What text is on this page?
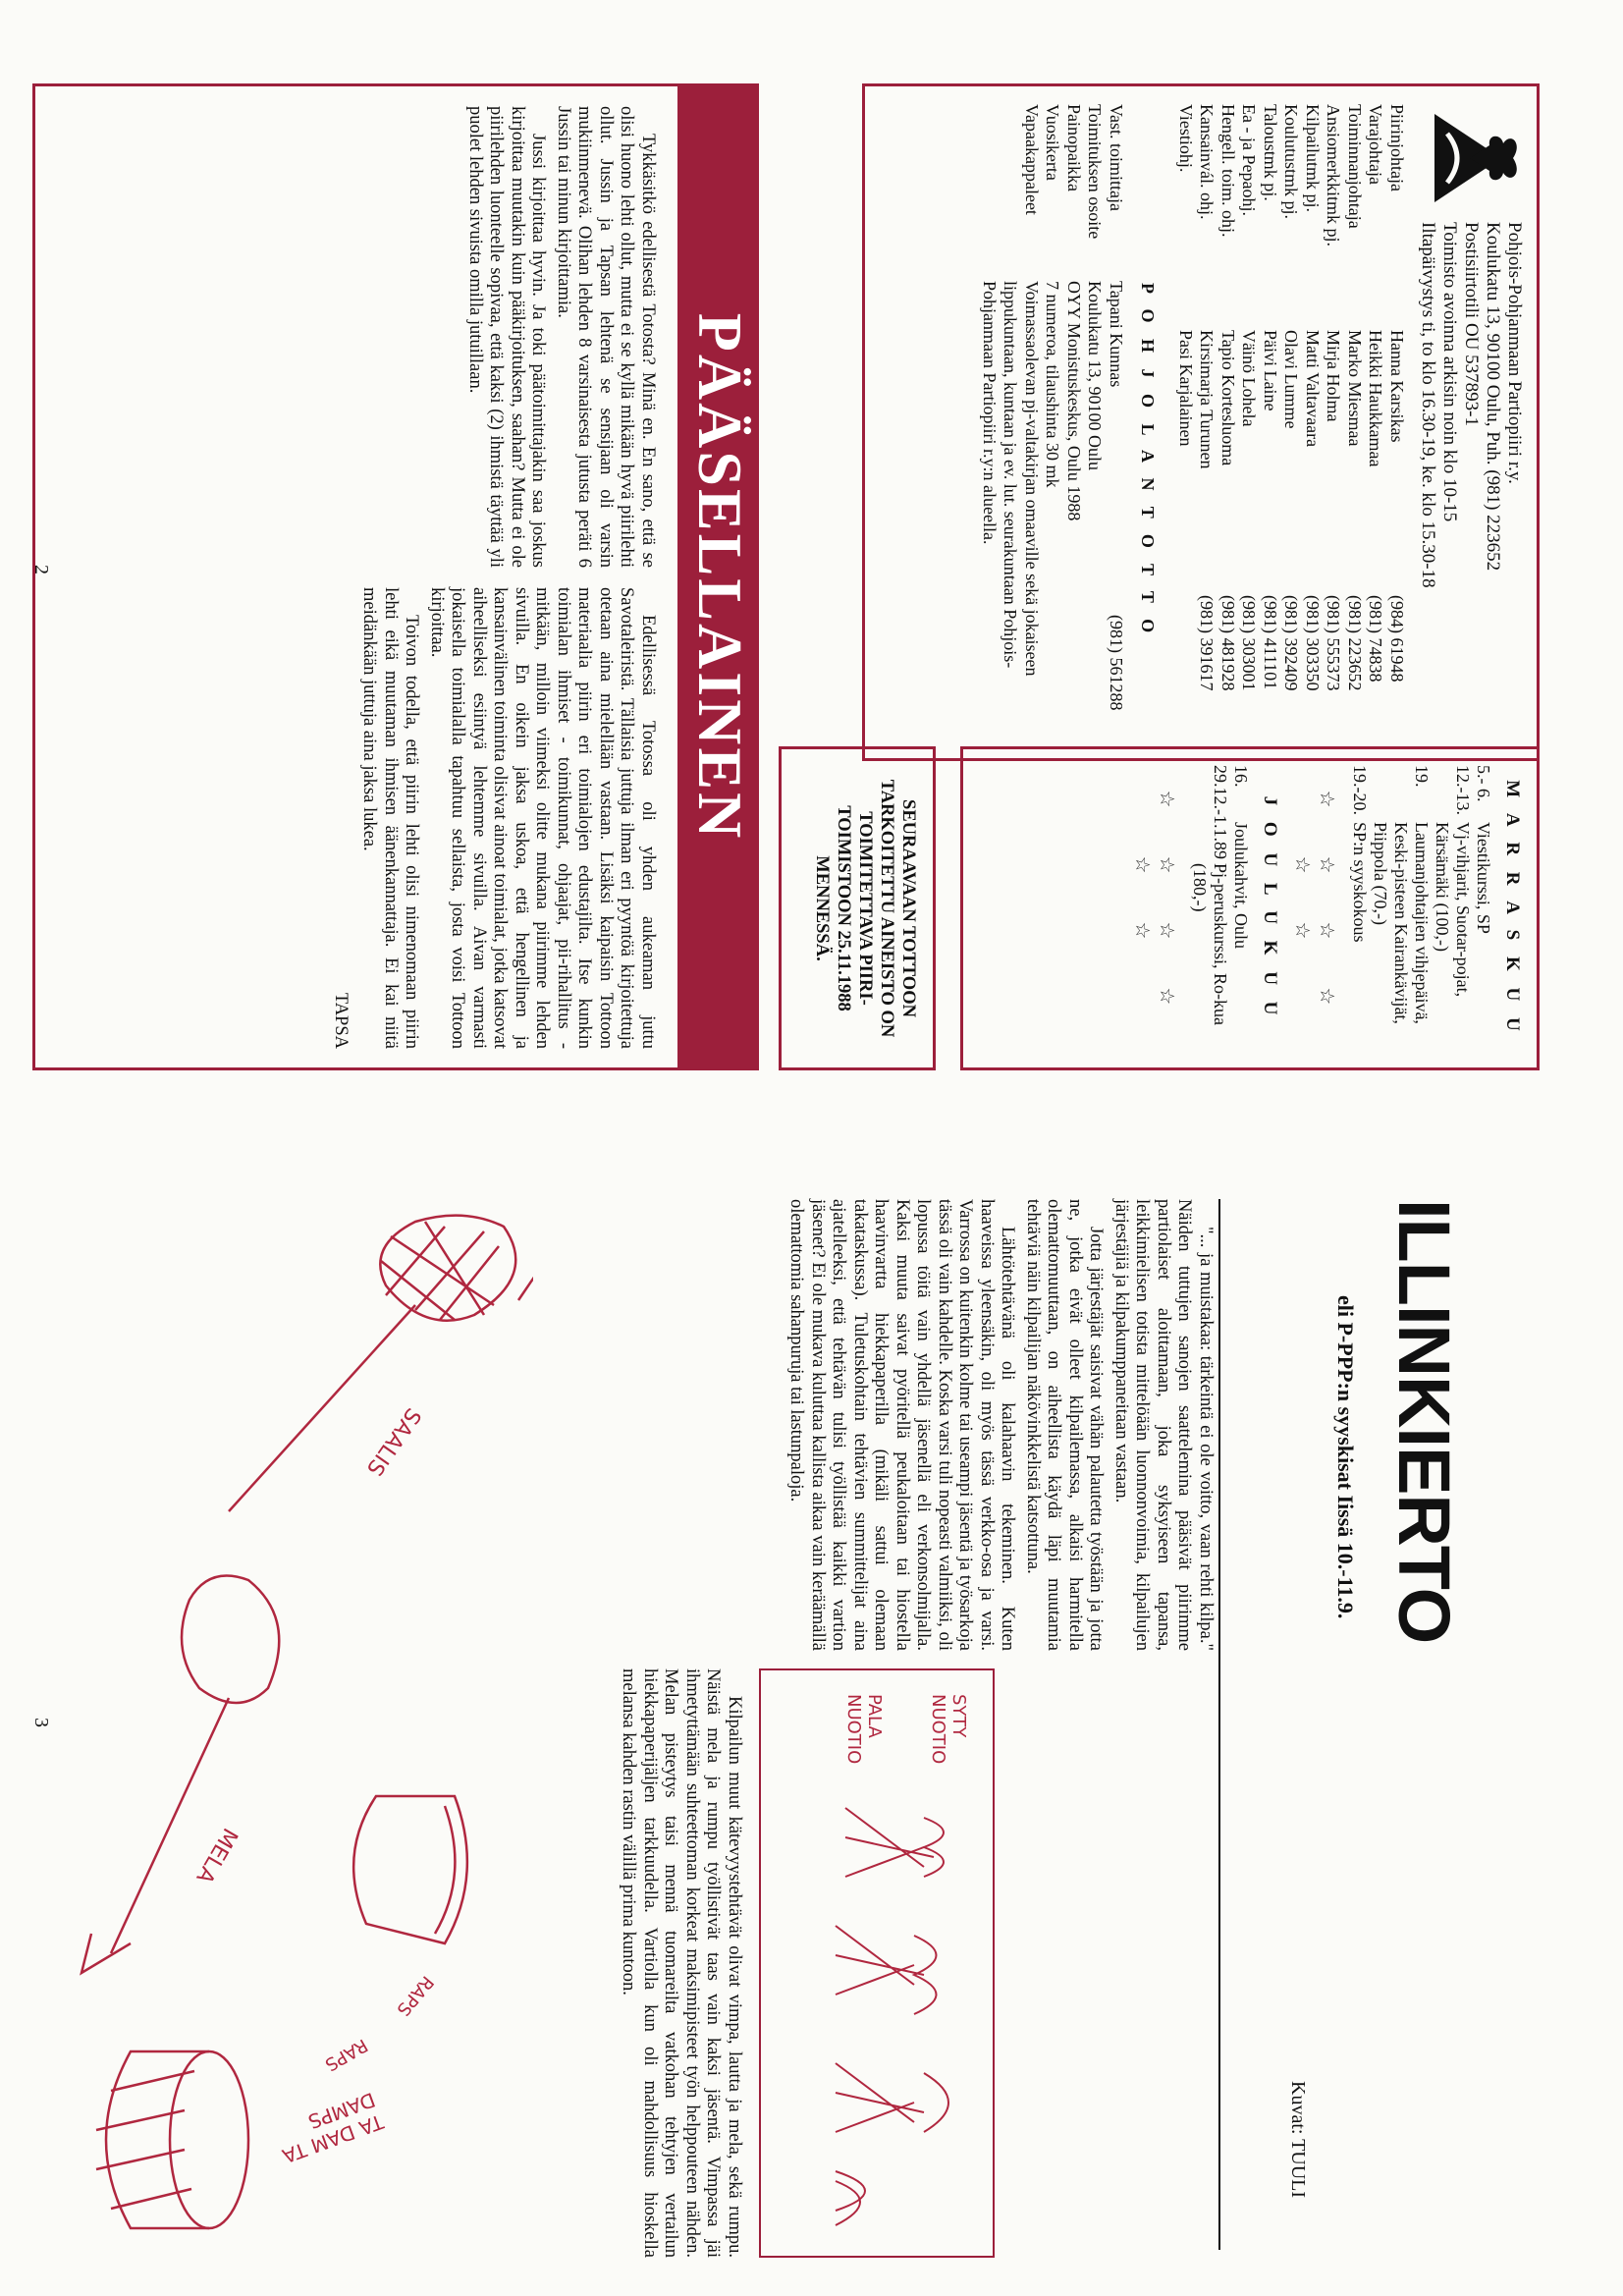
Pohjois-Pohjanmaan Partiopiiri r.y.
Koulukatu 13, 90100 Oulu, Puh. (981) 223652
Postisiirtotili OU 537893-1
Toimisto avoinna arkisin noin klo 10-15
Iltapäivystys ti, to klo 16.30-19, ke. klo 15.30-18
Piirinjohtaja
Hanna Karsikas
(984) 61948
Varajohtaja
Heikki Haukkamaa
(981) 74838
Toiminnanjohtaja
Marko Miesmaa
(981) 223652
Ansiomerkkitmk pj.
Mirja Holma
(981) 555373
Kilpailutmk pj.
Matti Valtavaara
(981) 303350
Koulutustmk pj.
Olavi Lumme
(981) 392409
Taloustmk pj.
Päivi Laine
(981) 411101
Ea - ja Pepaohj.
Väinö Lohela
(981) 303001
Hengell. toim. ohj.
Tapio Kortesluoma
(981) 481928
Kansainvál. ohj.
Kirsimarja Turunen
(981) 391617
Viestiohj.
Pasi Karjalainen
P O H J O L A N T O T T O
Vast. toimittaja
Tapani Kunnas
(981) 561288
Toimituksen osoite
Koulukatu 13, 90100 Oulu
Painopaikka
OYY Monistuskeskus, Oulu 1988
Vuosikerta
7 numeroa, tilaushinta 30 mk
Vapaakappaleet
Voimassaolevan pj-valtakirjan omaaville sekä jokaiseen lippukuntaan, kuntaan ja ev. lut. seurakuntaan Pohjois-Pohjanmaan Partiopiiri r.y:n alueella.
M A R R A S K U U
5.- 6.
Viestikurssi, SP
12.-13.
Vj-vihjarit, Suotar-pojat, Kärsämäki (100,-)
19.
Laumanjohtajien vihjepäivä, Keski-pisteen Kairankävijät, Piippola (70,-)
19.-20.
SP:n syyskokous
☆ ☆ ☆ ☆ ☆ ☆
J O U L U K U U
16.
Joulukahvit, Oulu
29.12.-1.1.89
Pj-peruskurssi, Ro-kua (180,-)
☆ ☆ ☆ ☆ ☆ ☆
SEURAAVAAN TOTTOON TARKOITETTU AINEISTO ON TOIMITETTAVA PIIRI-TOIMISTOON 25.11.1988 MENNESSÄ.
PÄÄSELLAINEN

Tykkäsitkö edellisestä Totosta? Minä en. En sano, että se olisi huono lehti ollut, mutta ei se kyllä mikään hyvä piirilehti ollut. Jussin ja Tapsan lehtenä se sensijaan oli varsin mukiinmenevä. Olihan lehden 8 varsinaisesta jutusta peräti 6 Jussin tai minun kirjoittamia.

Jussi kirjoittaa hyvin. Ja toki päätoimittajakin saa joskus kirjoittaa muutakin kuin pääkirjoituksen, saahan? Mutta ei ole piirilehden luonteelle sopivaa, että kaksi (2) ihmistä täyttää yli puolet lehden sivuista omilla jutuillaan.

Edellisessä Totossa oli yhden aukeaman juttu Savotaleiristä. Tällaisia juttuja ilman eri pyyntöä kirjoitettuja otetaan aina mielellään vastaan. Lisäksi kaipaisin Tottoon materiaalia piirin eri toimialojen edustajilta. Itse kunkin toimialan ihmiset - toimikunnat, ohjaajat, pii-rihallitus - mitkään, milloin viimeksi olitte mukana piirimme lehden sivuilla. En oikein jaksa uskoa, että hengellinen ja kansainvälinen toiminta olisivat ainoat toimialat, jotka katsovat aiheelliseksi esiintyä lehtemme sivuilla. Aivan varmasti jokaisella toimialalla tapahtuu sellaista, josta voisi Tottoon kirjoittaa.

Toivon todella, että piirin lehti olisi nimenomaan piirin lehti eikä muutaman ihmisen äänenkannattaja. Ei kai niitä meidänkään juttuja aina jaksa lukea.

TAPSA
2
ILLINKIERTO
eli P-PPP:n syyskisat Iissä 10.-11.9.
Kuvat: TUULI

"... ja muistakaa: tärkeintä ei ole voitto, vaan rehti kilpa." Näiden tuttujen sanojen saattelemina pääsivät piirimme partiolaiset aloittamaan, joka syksyiseen tapansa, leikkimielisen totista mittelöään luonnonvoimia, kilpailujen järjestäjiä ja kilpakumppaneitaan vastaan.

Jotta järjestäjät saisivat vähän palautetta työstään ja jotta ne, jotka eivät olleet kilpailemassa, alkaisi harmitella olemattomuuttaan, on aiheellista käydä läpi muutamia tehtäviä näin kilpailijan näkövinkkelistä katsottuna.

Lähtötehtävänä oli kalahaavin tekeminen. Kuten haaveissa yleensäkin, oli myös tässä verkko-osa ja varsi. Varrossa on kuitenkin kolme tai useampi jäsentä ja työsarkoja tässä oli vain kahdelle. Koska varsi tuli nopeasti valmiiksi, oli lopussa töitä vain yhdellä jäsenellä eli verkonsolmijalla. Kaksi muuta saivat pyöritellä peukaloitaan tai hiostella haavinvartta hiekkapaperilla (mikäli sattui olemaan takataskussa). Tuletuskohtain tehtävien summittelijat aina ajatelleeksi, että tehtävän tulisi työllistää kaikki vartion jäsenet? Ei ole mukava kuluttaa kallista aikaa vain keräämällä olemattomia sahanpuruja tai lastunpaloja.

SYTY NUOTIO
PALA NUOTIO

Kilpailun muut kätevyystehtävät olivat vimpa, lautta ja mela, sekä rumpu. Näistä mela ja rumpu työllistivät taas vain kaksi jäsentä. Vimpassa jäi ihmetyttämään suhteettoman korkeat maksimipisteet työn helppouteen nähden. Melan pisteytys taisi mennä tuomareilta vatkohan tehtyjen vertailun hiekkapaperijäljen tarkkuudella. Vartiolla kun oli mahdollisuus hioskella melansa kahden rastin välillä prima kuntoon.

SAALIS
RAPS
RAPS
MELA
TA DAM TA DAMPS
3
